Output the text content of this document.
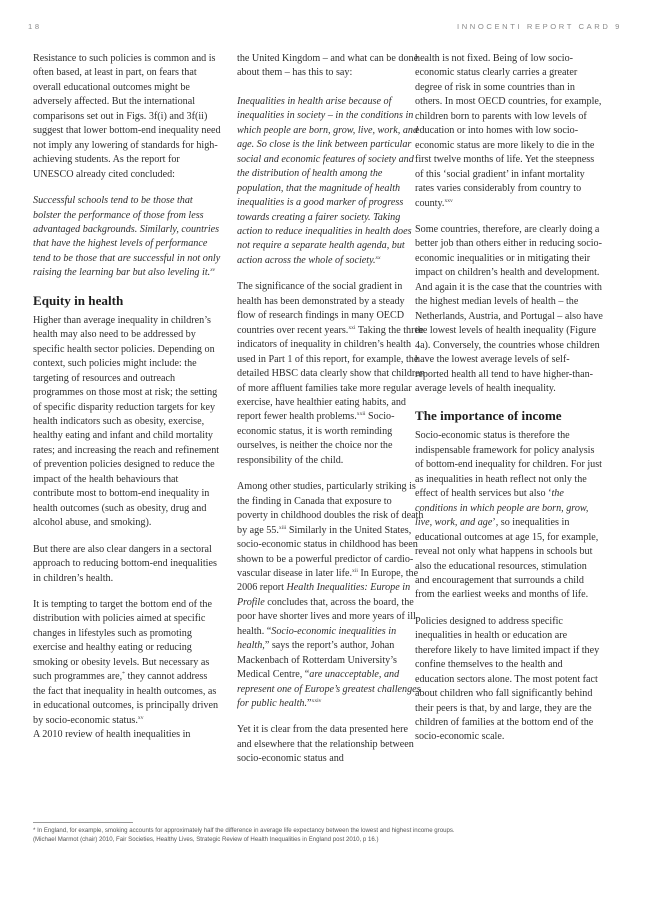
18	INNOCENTI REPORT CARD 9

Resistance to such policies is common and is often based, at least in part, on fears that overall educational outcomes might be adversely affected. But the international comparisons set out in Figs. 3f(i) and 3f(ii) suggest that lower bottom-end inequality need not imply any lowering of standards for high-achieving students. As the report for UNESCO already cited concluded:

Successful schools tend to be those that bolster the performance of those from less advantaged backgrounds. Similarly, countries that have the highest levels of performance tend to be those that are successful in not only raising the learning bar but also leveling it.$^{xv}$

Equity in health

Higher than average inequality in children’s health may also need to be addressed by specific health sector policies. Depending on context, such policies might include: the targeting of resources and outreach programmes on those most at risk; the setting of specific disparity reduction targets for key health indicators such as obesity, exercise, healthy eating and infant and child mortality rates; and increasing the reach and refinement of prevention policies designed to reduce the impact of the health behaviours that contribute most to bottom-end inequality in health outcomes (such as obesity, drug and alcohol abuse, and smoking).

But there are also clear dangers in a sectoral approach to reducing bottom-end inequalities in children’s health.

It is tempting to target the bottom end of the distribution with policies aimed at specific changes in lifestyles such as promoting exercise and healthy eating or reducing smoking or obesity levels. But necessary as such programmes are,* they cannot address the fact that inequality in health outcomes, as in educational outcomes, is principally driven by socio-economic status.$^{xv}$

A 2010 review of health inequalities in

the United Kingdom – and what can be done about them – has this to say:

Inequalities in health arise because of inequalities in society – in the conditions in which people are born, grow, live, work, and age. So close is the link between particular social and economic features of society and the distribution of health among the population, that the magnitude of health inequalities is a good marker of progress towards creating a fairer society. Taking action to reduce inequalities in health does not require a separate health agenda, but action across the whole of society.$^{xx}$

The significance of the social gradient in health has been demonstrated by a steady flow of research findings in many OECD countries over recent years.$^{xxi}$ Taking the three indicators of inequality in children’s health used in Part 1 of this report, for example, the detailed HBSC data clearly show that children of more affluent families take more regular exercise, have healthier eating habits, and report fewer health problems.$^{xxii}$ Socio-economic status, it is worth reminding ourselves, is neither the choice nor the responsibility of the child.

Among other studies, particularly striking is the finding in Canada that exposure to poverty in childhood doubles the risk of death by age 55.$^{xiii}$ Similarly in the United States, socio-economic status in childhood has been shown to be a powerful predictor of cardio-vascular disease in later life.$^{xii}$ In Europe, the 2006 report Health Inequalities: Europe in Profile concludes that, across the board, the poor have shorter lives and more years of ill health. “Socio-economic inequalities in health,” says the report’s author, Johan Mackenbach of Rotterdam University’s Medical Centre, “are unacceptable, and represent one of Europe’s greatest challenges for public health.”$^{xxiv}$

Yet it is clear from the data presented here and elsewhere that the relationship between socio-economic status and

health is not fixed. Being of low socio-economic status clearly carries a greater degree of risk in some countries than in others. In most OECD countries, for example, children born to parents with low levels of education or into homes with low socio-economic status are more likely to die in the first twelve months of life. Yet the steepness of this ‘social gradient’ in infant mortality rates varies considerably from country to county.$^{xxv}$

Some countries, therefore, are clearly doing a better job than others either in reducing socio-economic inequalities or in mitigating their impact on children’s health and development. And again it is the case that the countries with the highest median levels of health – the Netherlands, Austria, and Portugal – also have the lowest levels of health inequality (Figure 4a). Conversely, the countries whose children have the lowest average levels of self-reported health all tend to have higher-than-average levels of health inequality.

The importance of income

Socio-economic status is therefore the indispensable framework for policy analysis of bottom-end inequality for children. For just as inequalities in heath reflect not only the effect of health services but also ‘the conditions in which people are born, grow, live, work, and age’, so inequalities in educational outcomes at age 15, for example, reveal not only what happens in schools but also the educational resources, stimulation and encouragement that surrounds a child from the earliest weeks and months of life.

Policies designed to address specific inequalities in health or education are therefore likely to have limited impact if they confine themselves to the health and education sectors alone. The most potent fact about children who fall significantly behind their peers is that, by and large, they are the children of families at the bottom end of the socio-economic scale.

* In England, for example, smoking accounts for approximately half the difference in average life expectancy between the lowest and highest income groups.

(Michael Marmot (chair) 2010, Fair Societies, Healthy Lives, Strategic Review of Health Inequalities in England post 2010, p 16.)
